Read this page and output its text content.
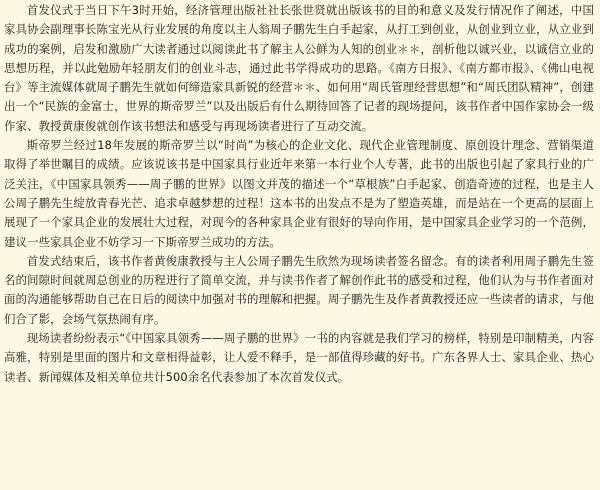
首发仪式于当日下午3时开始，经济管理出版社社长张世贤就出版该书的目的和意义及发行情况作了阐述，中国家具协会副理事长陈宝光从行业发展的角度以主人翁周子鹏先生白手起家，从打工到创业，从创业到立业，从立业到成功的案例，启发和激励广大读者通过以阅读此书了解主人公鲜为人知的创业＊＊，剖析他以诚兴业，以诚信立业的思想历程，并以此勉励年轻朋友们的创业斗志，通过此书学得成功的思路。《南方日报》、《南方都市报》、《佛山电视台》等主流媒体就周子鹏先生就如何缔造家具新锐的经营＊＊、如何用“周氏管理经营思想”和“周氏团队精神”，创建出一个“民族的金富士，世界的斯帝罗兰”以及出版后有什么期待回答了记者的现场提问，该书作者中国作家协会一级作家、教授黄康俊就创作该书想法和感受与再现场读者进行了互动交流。

斯帝罗兰经过18年发展的斯帝罗兰以“时尚”为核心的企业文化、现代企业管理制度、原创设计理念、营销渠道取得了举世瞩目的成绩。应该说该书是中国家具行业近年来第一本行业个人专著，此书的出版也引起了家具行业的广泛关注，《中国家具领秀——周子鹏的世界》以图文并茂的描述一个“草根族”白手起家、创造奇迹的过程，也是主人公周子鹏先生绽放青春光芒、追求卓越梦想的过程！这本书的出发点不是为了塑造英雄，而是站在一个更高的层面上展现了一个家具企业的发展壮大过程，对现今的各种家具企业有很好的导向作用，是中国家具企业学习的一个范例，建议一些家具企业不妨学习一下斯帝罗兰成功的方法。

首发式结束后，该书作者黄俊康教授与主人公周子鹏先生欣然为现场读者签名留念。有的读者利用周子鹏先生签名的间隙时间就周总创业的历程进行了简单交流，并与读书作者了解创作此书的感受和过程，他们认为与书作者面对面的沟通能够帮助自己在日后的阅读中加强对书的理解和把握。周子鹏先生及作者黄教授还应一些读者的请求，与他们合了影，会场气氛热闹有序。

现场读者纷纷表示“《中国家具领秀——周子鹏的世界》一书的内容就是我们学习的榜样，特别是印制精美，内容高雅，特别是里面的图片和文章相得益彰，让人爱不释手，是一部值得珍藏的好书。广东各界人士、家具企业、热心读者、新闻媒体及相关单位共计500余名代表参加了本次首发仪式。
